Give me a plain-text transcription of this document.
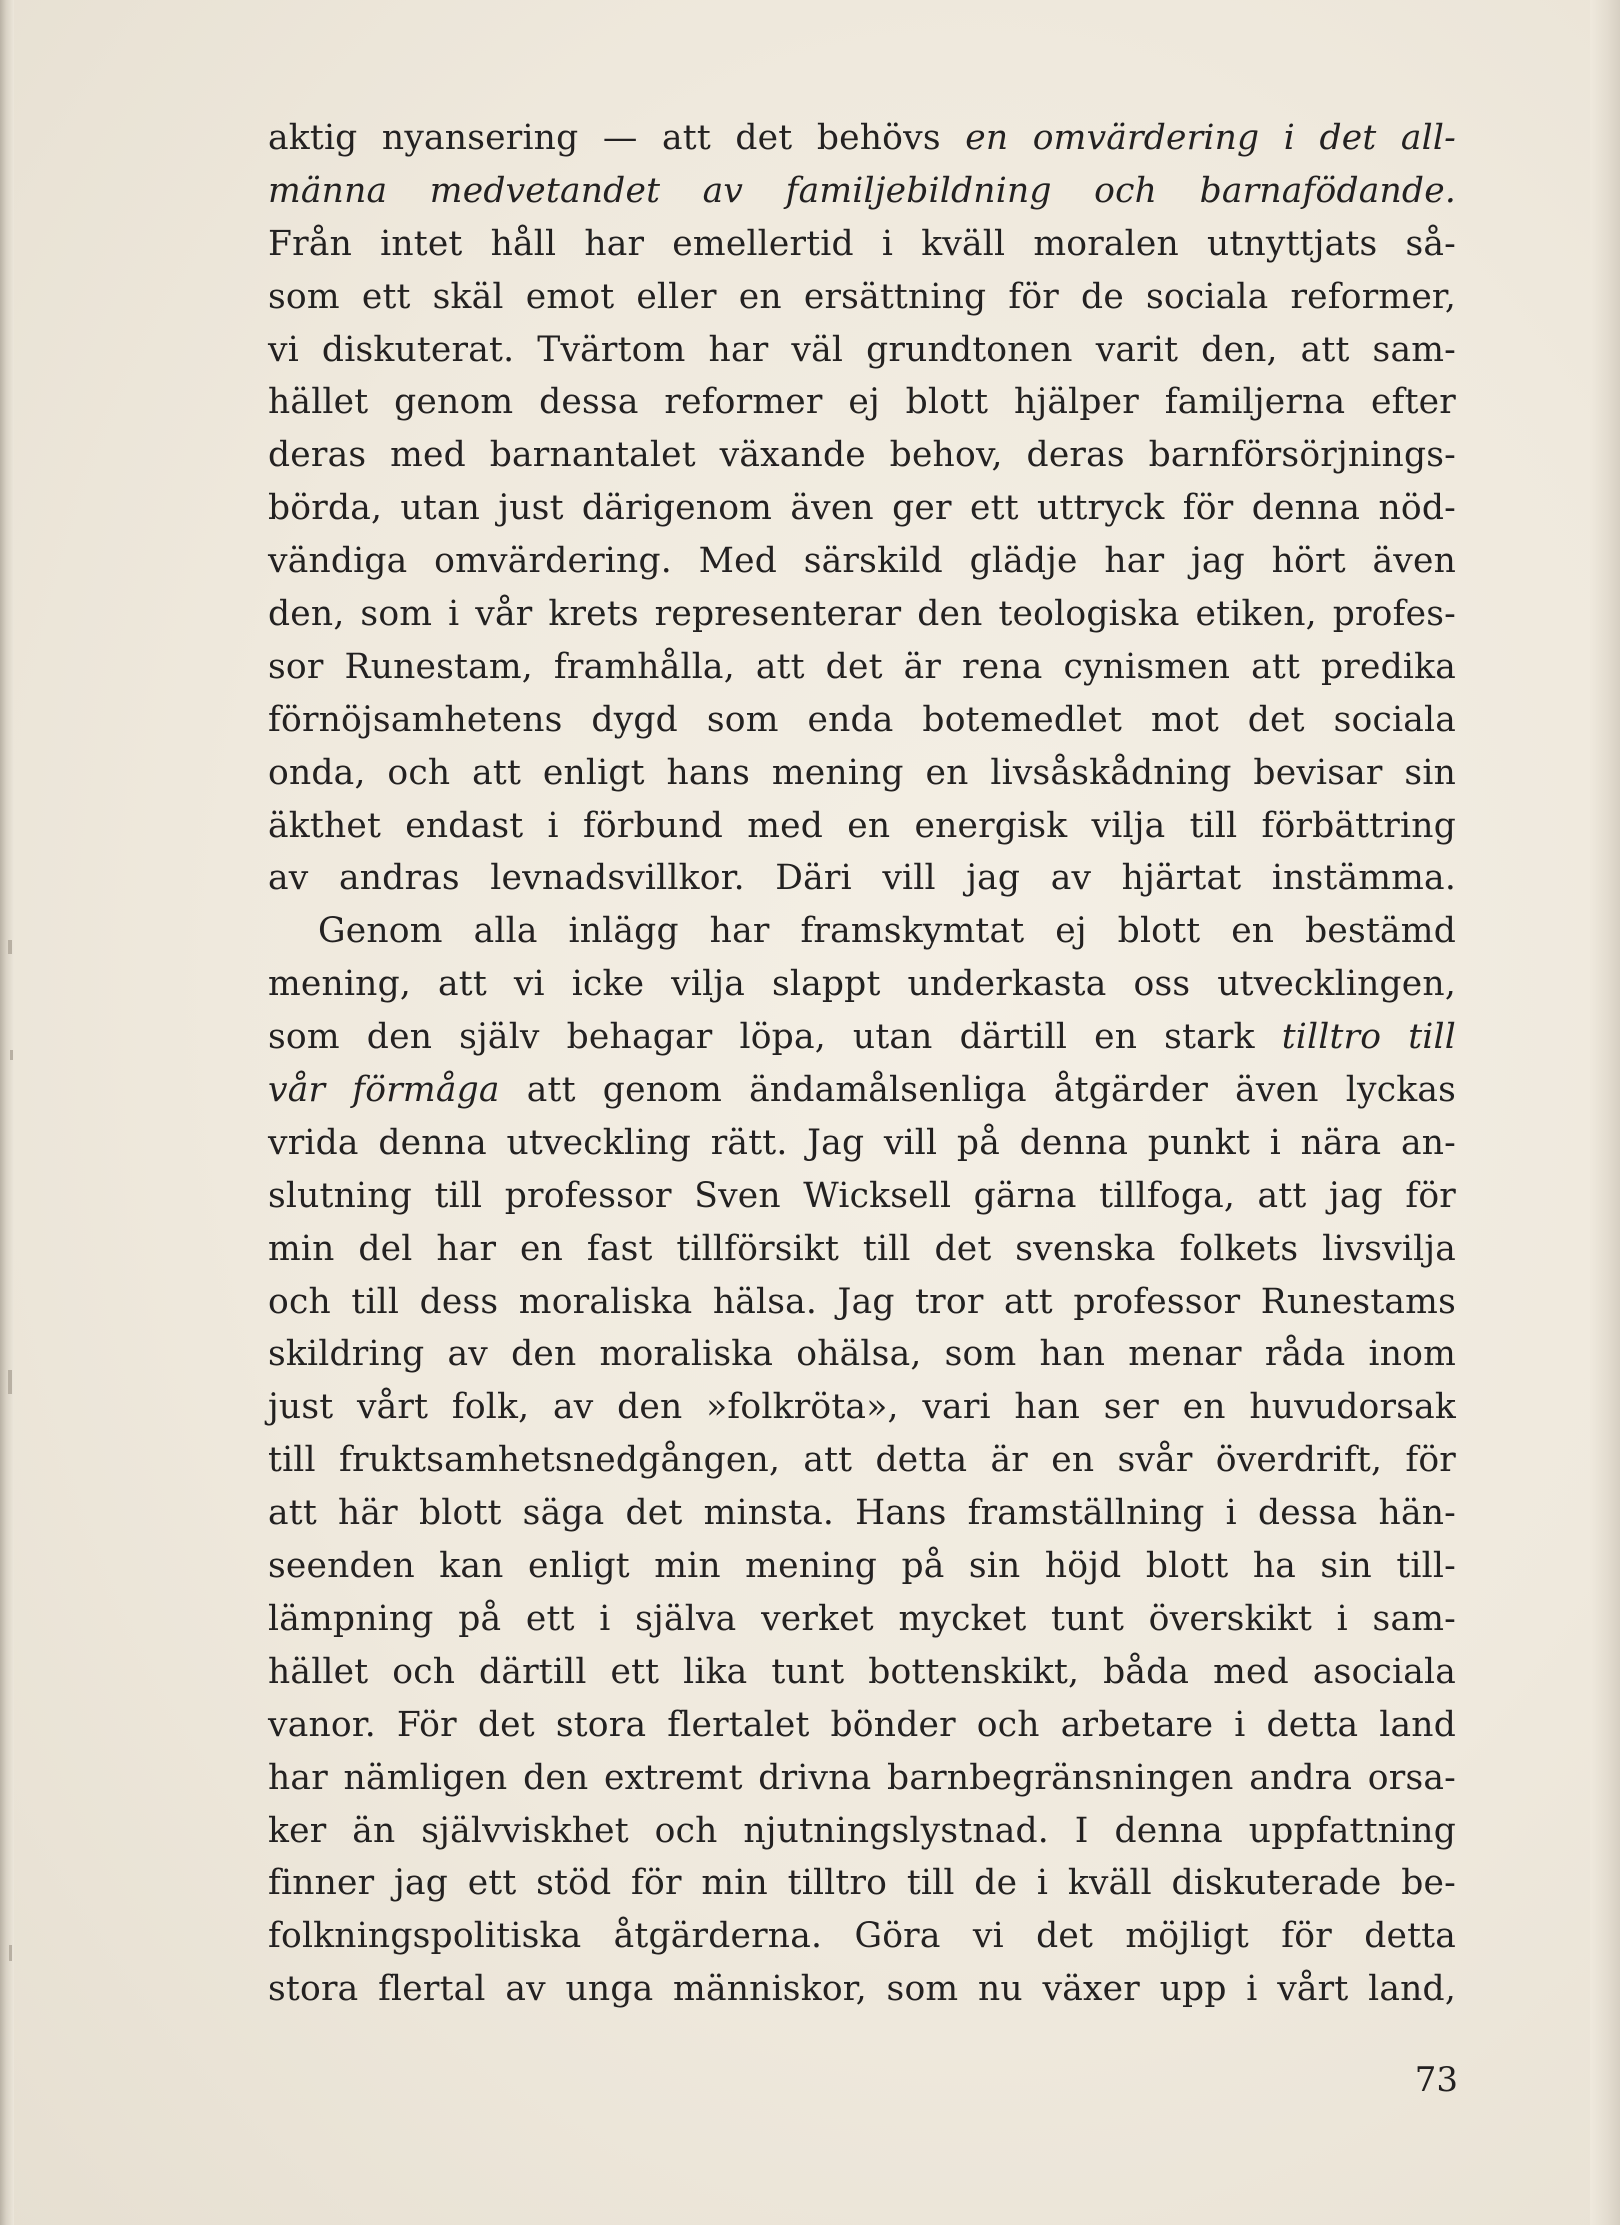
aktig nyansering — att det behövs en omvärdering i det all-
männa medvetandet av familjebildning och barnafödande.
Från intet håll har emellertid i kväll moralen utnyttjats så-
som ett skäl emot eller en ersättning för de sociala reformer,
vi diskuterat. Tvärtom har väl grundtonen varit den, att sam-
hället genom dessa reformer ej blott hjälper familjerna efter
deras med barnantalet växande behov, deras barnförsörjnings-
börda, utan just därigenom även ger ett uttryck för denna nöd-
vändiga omvärdering. Med särskild glädje har jag hört även
den, som i vår krets representerar den teologiska etiken, profes-
sor Runestam, framhålla, att det är rena cynismen att predika
förnöjsamhetens dygd som enda botemedlet mot det sociala
onda, och att enligt hans mening en livsåskådning bevisar sin
äkthet endast i förbund med en energisk vilja till förbättring
av andras levnadsvillkor. Däri vill jag av hjärtat instämma.
Genom alla inlägg har framskymtat ej blott en bestämd
mening, att vi icke vilja slappt underkasta oss utvecklingen,
som den själv behagar löpa, utan därtill en stark tilltro till
vår förmåga att genom ändamålsenliga åtgärder även lyckas
vrida denna utveckling rätt. Jag vill på denna punkt i nära an-
slutning till professor Sven Wicksell gärna tillfoga, att jag för
min del har en fast tillförsikt till det svenska folkets livsvilja
och till dess moraliska hälsa. Jag tror att professor Runestams
skildring av den moraliska ohälsa, som han menar råda inom
just vårt folk, av den »folkröta», vari han ser en huvudorsak
till fruktsamhetsnedgången, att detta är en svår överdrift, för
att här blott säga det minsta. Hans framställning i dessa hän-
seenden kan enligt min mening på sin höjd blott ha sin till-
lämpning på ett i själva verket mycket tunt överskikt i sam-
hället och därtill ett lika tunt bottenskikt, båda med asociala
vanor. För det stora flertalet bönder och arbetare i detta land
har nämligen den extremt drivna barnbegränsningen andra orsa-
ker än självviskhet och njutningslystnad. I denna uppfattning
finner jag ett stöd för min tilltro till de i kväll diskuterade be-
folkningspolitiska åtgärderna. Göra vi det möjligt för detta
stora flertal av unga människor, som nu växer upp i vårt land,
73
